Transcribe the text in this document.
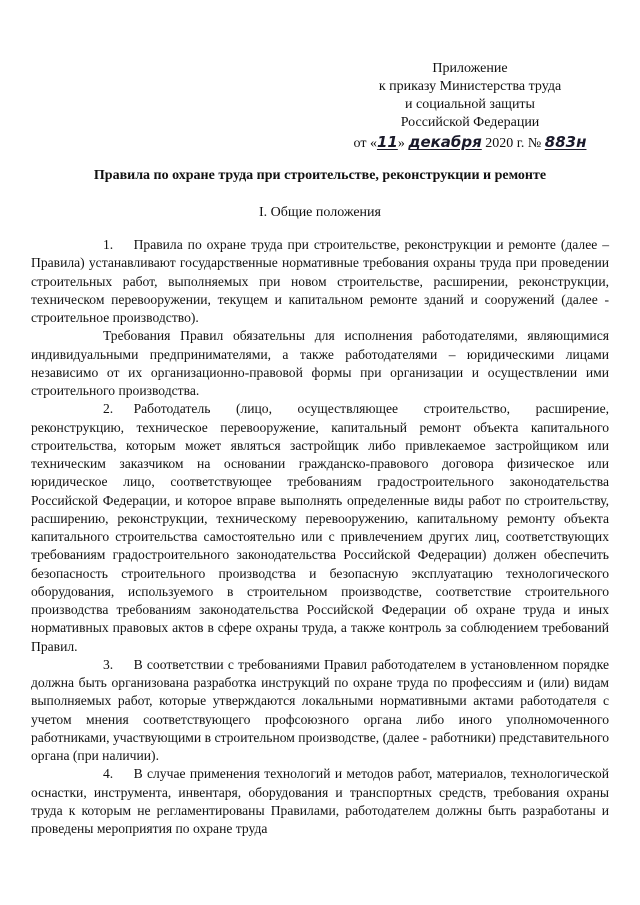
Приложение
к приказу Министерства труда
и социальной защиты
Российской Федерации
от «11» декабря 2020 г. № 883н
Правила по охране труда при строительстве, реконструкции и ремонте
I. Общие положения

1.  Правила по охране труда при строительстве, реконструкции и ремонте (далее – Правила) устанавливают государственные нормативные требования охраны труда при проведении строительных работ, выполняемых при новом строительстве, расширении, реконструкции, техническом перевооружении, текущем и капитальном ремонте зданий и сооружений (далее - строительное производство).

Требования Правил обязательны для исполнения работодателями, являющимися индивидуальными предпринимателями, а также работодателями – юридическими лицами независимо от их организационно-правовой формы при организации и осуществлении ими строительного производства.

2.  Работодатель (лицо, осуществляющее строительство, расширение, реконструкцию, техническое перевооружение, капитальный ремонт объекта капитального строительства, которым может являться застройщик либо привлекаемое застройщиком или техническим заказчиком на основании гражданско-правового договора физическое или юридическое лицо, соответствующее требованиям градостроительного законодательства Российской Федерации, и которое вправе выполнять определенные виды работ по строительству, расширению, реконструкции, техническому перевооружению, капитальному ремонту объекта капитального строительства самостоятельно или с привлечением других лиц, соответствующих требованиям градостроительного законодательства Российской Федерации) должен обеспечить безопасность строительного производства и безопасную эксплуатацию технологического оборудования, используемого в строительном производстве, соответствие строительного производства требованиям законодательства Российской Федерации об охране труда и иных нормативных правовых актов в сфере охраны труда, а также контроль за соблюдением требований Правил.

3.  В соответствии с требованиями Правил работодателем в установленном порядке должна быть организована разработка инструкций по охране труда по профессиям и (или) видам выполняемых работ, которые утверждаются локальными нормативными актами работодателя с учетом мнения соответствующего профсоюзного органа либо иного уполномоченного работниками, участвующими в строительном производстве, (далее - работники) представительного органа (при наличии).

4.  В случае применения технологий и методов работ, материалов, технологической оснастки, инструмента, инвентаря, оборудования и транспортных средств, требования охраны труда к которым не регламентированы Правилами, работодателем должны быть разработаны и проведены мероприятия по охране труда
